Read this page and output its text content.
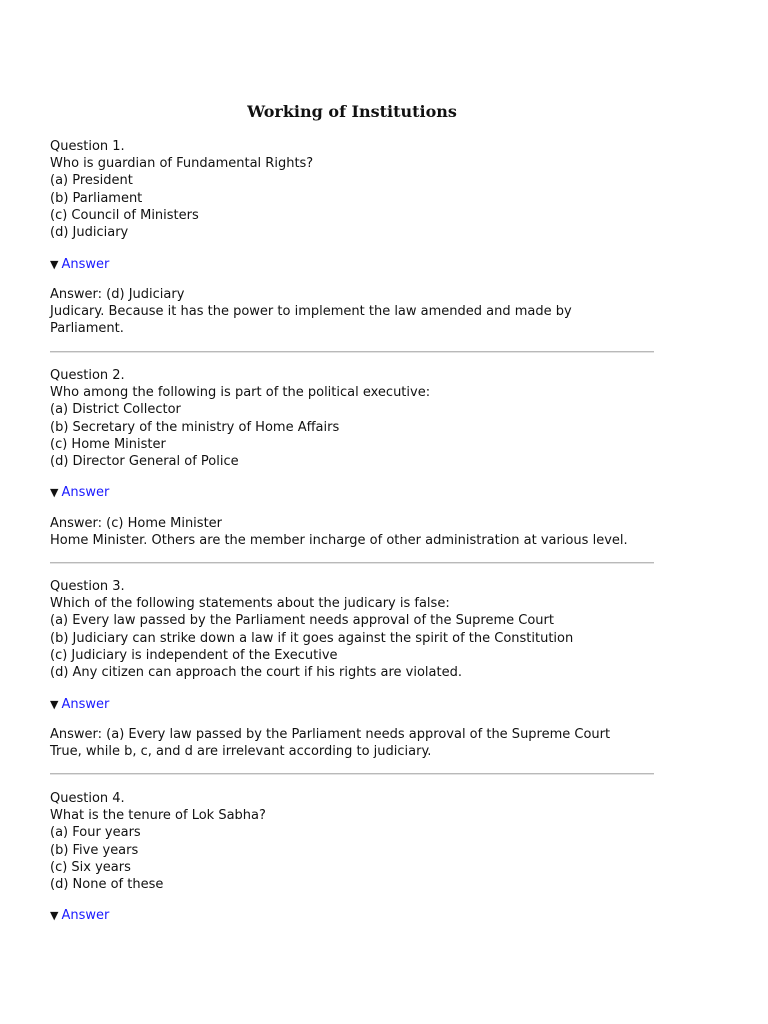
Working of Institutions
Question 1.
Who is guardian of Fundamental Rights?
(a) President
(b) Parliament
(c) Council of Ministers
(d) Judiciary
▼ Answer
Answer: (d) Judiciary
Judicary. Because it has the power to implement the law amended and made by Parliament.
Question 2.
Who among the following is part of the political executive:
(a) District Collector
(b) Secretary of the ministry of Home Affairs
(c) Home Minister
(d) Director General of Police
▼ Answer
Answer: (c) Home Minister
Home Minister. Others are the member incharge of other administration at various level.
Question 3.
Which of the following statements about the judicary is false:
(a) Every law passed by the Parliament needs approval of the Supreme Court
(b) Judiciary can strike down a law if it goes against the spirit of the Constitution
(c) Judiciary is independent of the Executive
(d) Any citizen can approach the court if his rights are violated.
▼ Answer
Answer: (a) Every law passed by the Parliament needs approval of the Supreme Court
True, while b, c, and d are irrelevant according to judiciary.
Question 4.
What is the tenure of Lok Sabha?
(a) Four years
(b) Five years
(c) Six years
(d) None of these
▼ Answer
